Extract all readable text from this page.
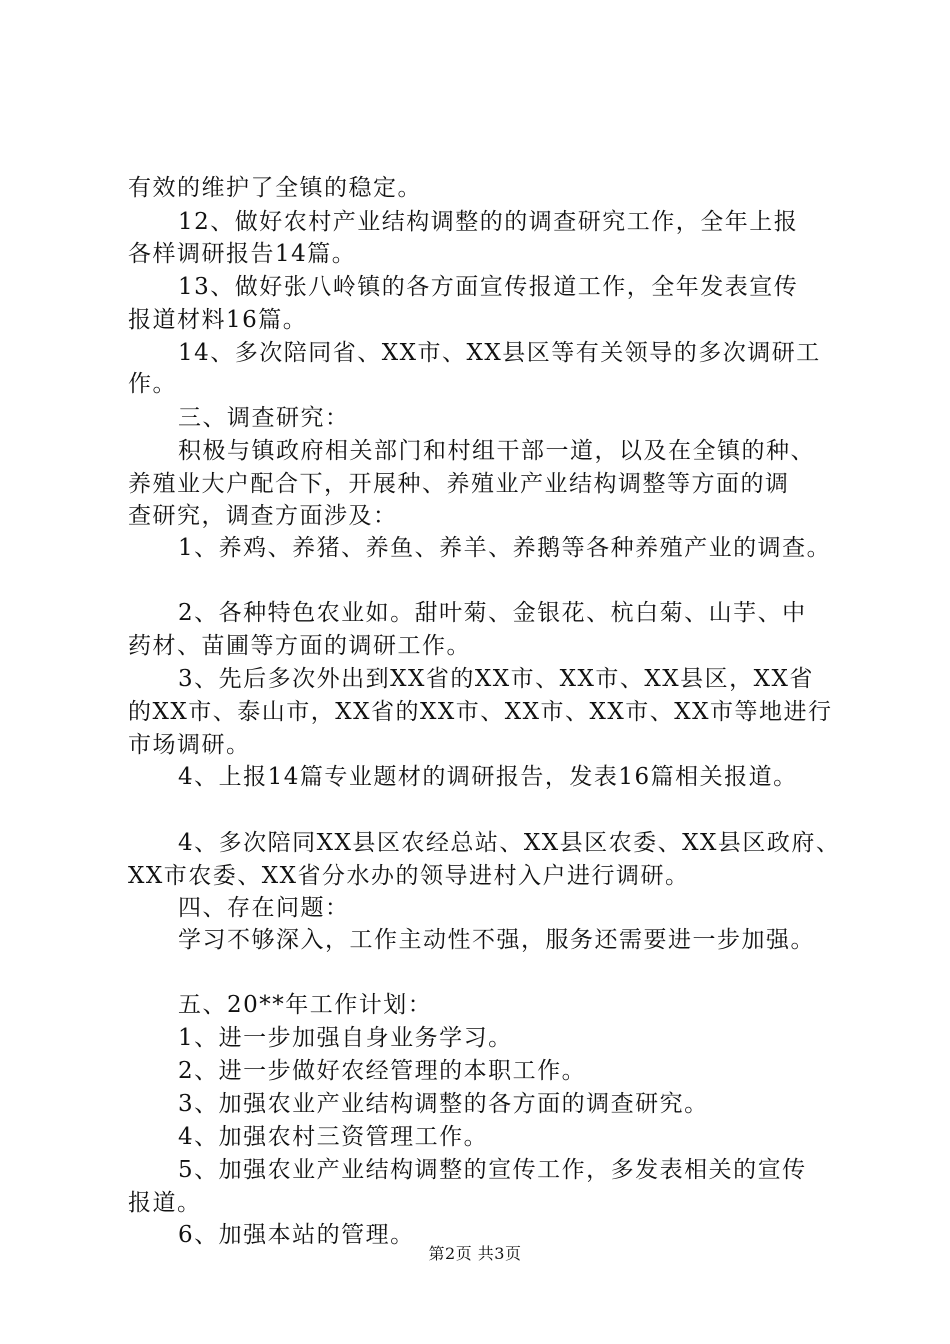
有效的维护了全镇的稳定。
12、做好农村产业结构调整的的调查研究工作，全年上报
各样调研报告14篇。
13、做好张八岭镇的各方面宣传报道工作，全年发表宣传
报道材料16篇。
14、多次陪同省、XX市、XX县区等有关领导的多次调研工
作。
三、调查研究：
积极与镇政府相关部门和村组干部一道，以及在全镇的种、
养殖业大户配合下，开展种、养殖业产业结构调整等方面的调
查研究，调查方面涉及：
1、养鸡、养猪、养鱼、养羊、养鹅等各种养殖产业的调查。
2、各种特色农业如。甜叶菊、金银花、杭白菊、山芋、中
药材、苗圃等方面的调研工作。
3、先后多次外出到XX省的XX市、XX市、XX县区，XX省
的XX市、泰山市，XX省的XX市、XX市、XX市、XX市等地进行
市场调研。
4、上报14篇专业题材的调研报告，发表16篇相关报道。
4、多次陪同XX县区农经总站、XX县区农委、XX县区政府、
XX市农委、XX省分水办的领导进村入户进行调研。
四、存在问题：
学习不够深入，工作主动性不强，服务还需要进一步加强。
五、20**年工作计划：
1、进一步加强自身业务学习。
2、进一步做好农经管理的本职工作。
3、加强农业产业结构调整的各方面的调查研究。
4、加强农村三资管理工作。
5、加强农业产业结构调整的宣传工作，多发表相关的宣传
报道。
6、加强本站的管理。
第2页 共3页
